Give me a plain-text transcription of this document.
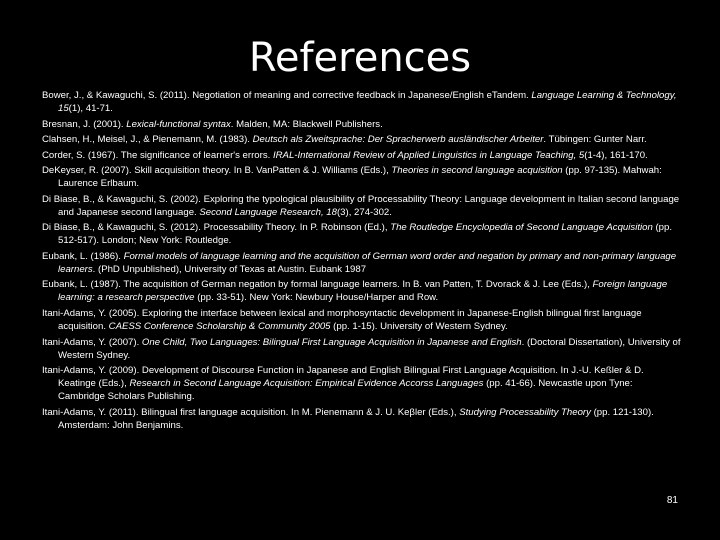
References
Bower, J., & Kawaguchi, S. (2011). Negotiation of meaning and corrective feedback in Japanese/English eTandem. Language Learning & Technology, 15(1), 41-71.
Bresnan, J. (2001). Lexical-functional syntax. Malden, MA: Blackwell Publishers.
Clahsen, H., Meisel, J., & Pienemann, M. (1983). Deutsch als Zweitsprache: Der Spracherwerb ausländischer Arbeiter. Tübingen: Gunter Narr.
Corder, S. (1967). The significance of learner's errors. IRAL-International Review of Applied Linguistics in Language Teaching, 5(1-4), 161-170.
DeKeyser, R. (2007). Skill acquisition theory. In B. VanPatten & J. Williams (Eds.), Theories in second language acquisition (pp. 97-135). Mahwah: Laurence Erlbaum.
Di Biase, B., & Kawaguchi, S. (2002). Exploring the typological plausibility of Processability Theory: Language development in Italian second language and Japanese second language. Second Language Research, 18(3), 274-302.
Di Biase, B., & Kawaguchi, S. (2012). Processability Theory. In P. Robinson (Ed.), The Routledge Encyclopedia of Second Language Acquisition (pp. 512-517). London; New York: Routledge.
Eubank, L. (1986). Formal models of language learning and the acquisition of German word order and negation by primary and non-primary language learners. (PhD Unpublished), University of Texas at Austin. Eubank 1987
Eubank, L. (1987). The acquisition of German negation by formal language learners. In B. van Patten, T. Dvorack & J. Lee (Eds.), Foreign language learning: a research perspective (pp. 33-51). New York: Newbury House/Harper and Row.
Itani-Adams, Y. (2005). Exploring the interface between lexical and morphosyntactic development in Japanese-English bilingual first language acquisition. CAESS Conference Scholarship & Community 2005 (pp. 1-15). University of Western Sydney.
Itani-Adams, Y. (2007). One Child, Two Languages: Bilingual First Language Acquisition in Japanese and English. (Doctoral Dissertation), University of Western Sydney.
Itani-Adams, Y. (2009). Development of Discourse Function in Japanese and English Bilingual First Language Acquisition. In J.-U. Keßler & D. Keatinge (Eds.), Research in Second Language Acquisition: Empirical Evidence Accorss Languages (pp. 41-66). Newcastle upon Tyne: Cambridge Scholars Publishing.
Itani-Adams, Y. (2011). Bilingual first language acquisition. In M. Pienemann & J. U. Keβler (Eds.), Studying Processability Theory (pp. 121-130). Amsterdam: John Benjamins.
81
